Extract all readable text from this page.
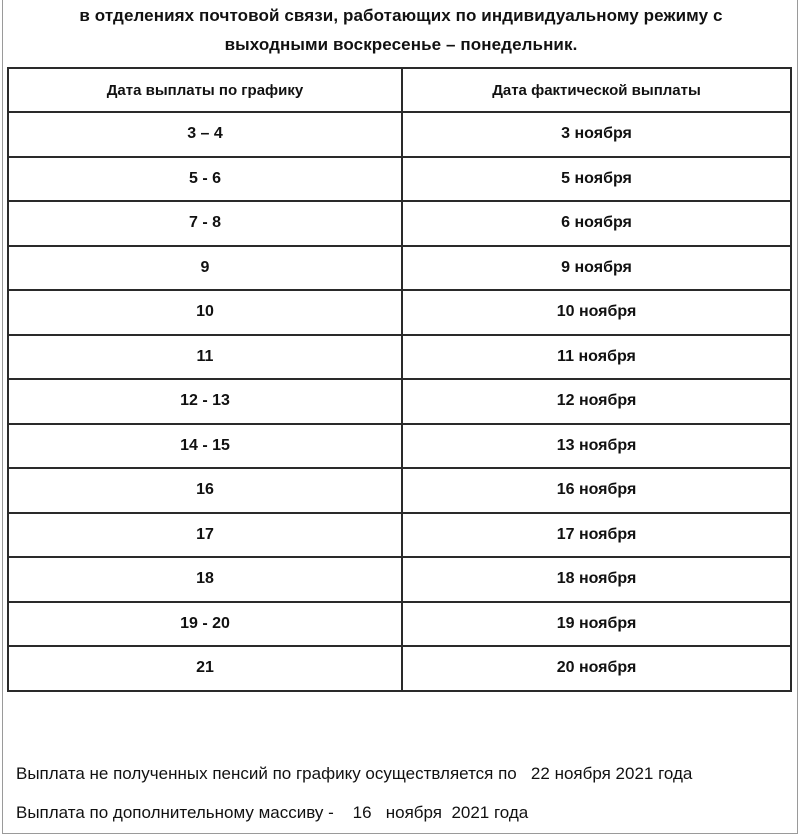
в отделениях почтовой связи, работающих по индивидуальному режиму с
выходными воскресенье – понедельник.
Дата выплаты по графику	Дата фактической выплаты
3 – 4	3 ноября
5 - 6	5 ноября
7 - 8	6 ноября
9	9 ноября
10	10 ноября
11	11 ноября
12 - 13	12 ноября
14 - 15	13 ноября
16	16 ноября
17	17 ноября
18	18 ноября
19 - 20	19 ноября
21	20 ноября
Выплата не полученных пенсий по графику осуществляется по   22 ноября 2021 года
Выплата по дополнительному массиву -    16   ноября  2021 года
